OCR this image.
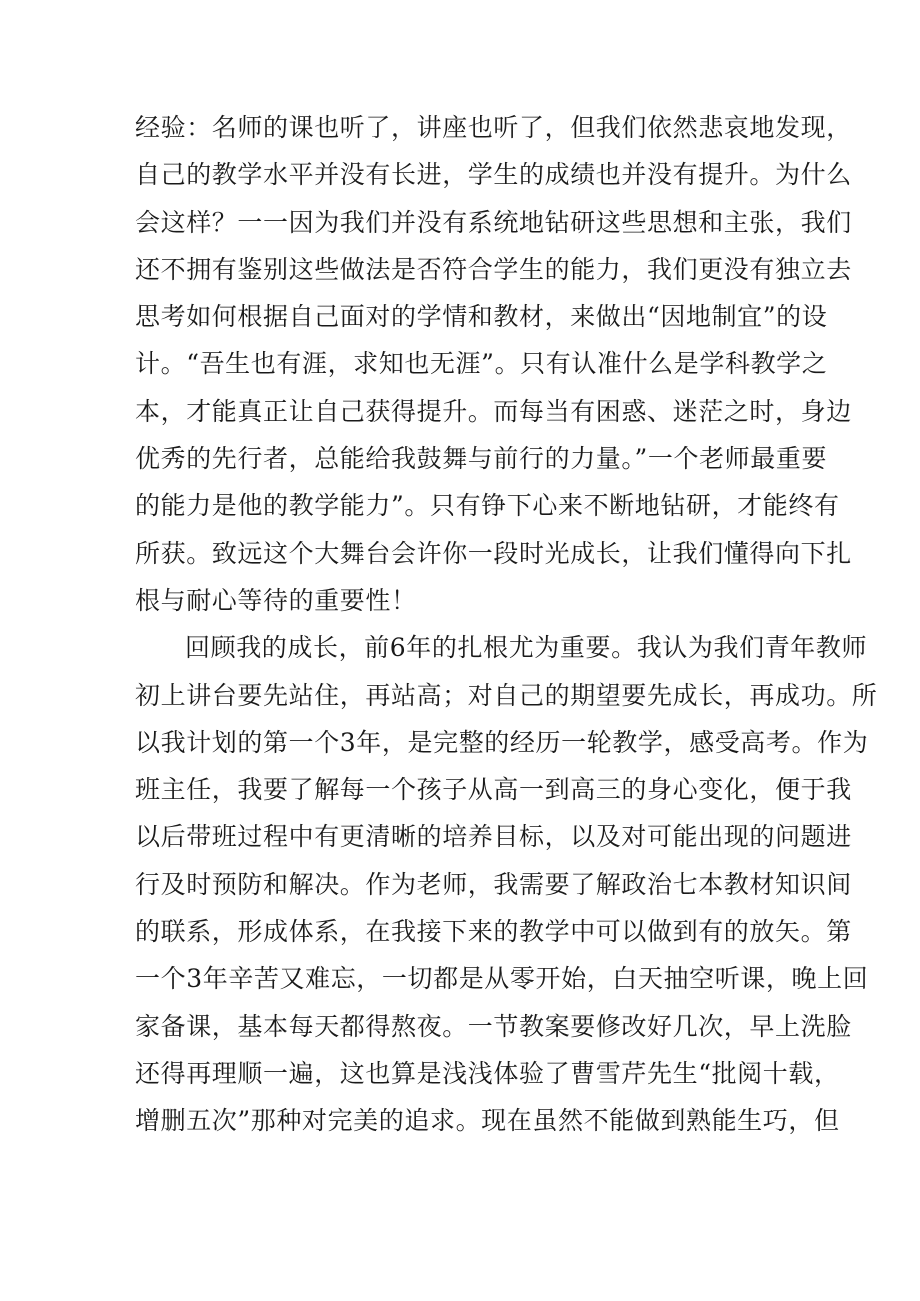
经验：名师的课也听了，讲座也听了，但我们依然悲哀地发现，
自己的教学水平并没有长进，学生的成绩也并没有提升。为什么
会这样？一一因为我们并没有系统地钻研这些思想和主张，我们
还不拥有鉴别这些做法是否符合学生的能力，我们更没有独立去
思考如何根据自己面对的学情和教材，来做出“因地制宜”的设
计。“吾生也有涯，求知也无涯”。只有认准什么是学科教学之
本，才能真正让自己获得提升。而每当有困惑、迷茫之时，身边
优秀的先行者，总能给我鼓舞与前行的力量。”一个老师最重要
的能力是他的教学能力”。只有铮下心来不断地钻研，才能终有
所获。致远这个大舞台会许你一段时光成长，让我们懂得向下扎
根与耐心等待的重要性！
回顾我的成长，前6年的扎根尤为重要。我认为我们青年教师
初上讲台要先站住，再站高；对自己的期望要先成长，再成功。所
以我计划的第一个3年，是完整的经历一轮教学，感受高考。作为
班主任，我要了解每一个孩子从高一到高三的身心变化，便于我
以后带班过程中有更清晰的培养目标，以及对可能出现的问题进
行及时预防和解决。作为老师，我需要了解政治七本教材知识间
的联系，形成体系，在我接下来的教学中可以做到有的放矢。第
一个3年辛苦又难忘，一切都是从零开始，白天抽空听课，晚上回
家备课，基本每天都得熬夜。一节教案要修改好几次，早上洗脸
还得再理顺一遍，这也算是浅浅体验了曹雪芹先生“批阅十载，
增删五次”那种对完美的追求。现在虽然不能做到熟能生巧，但
